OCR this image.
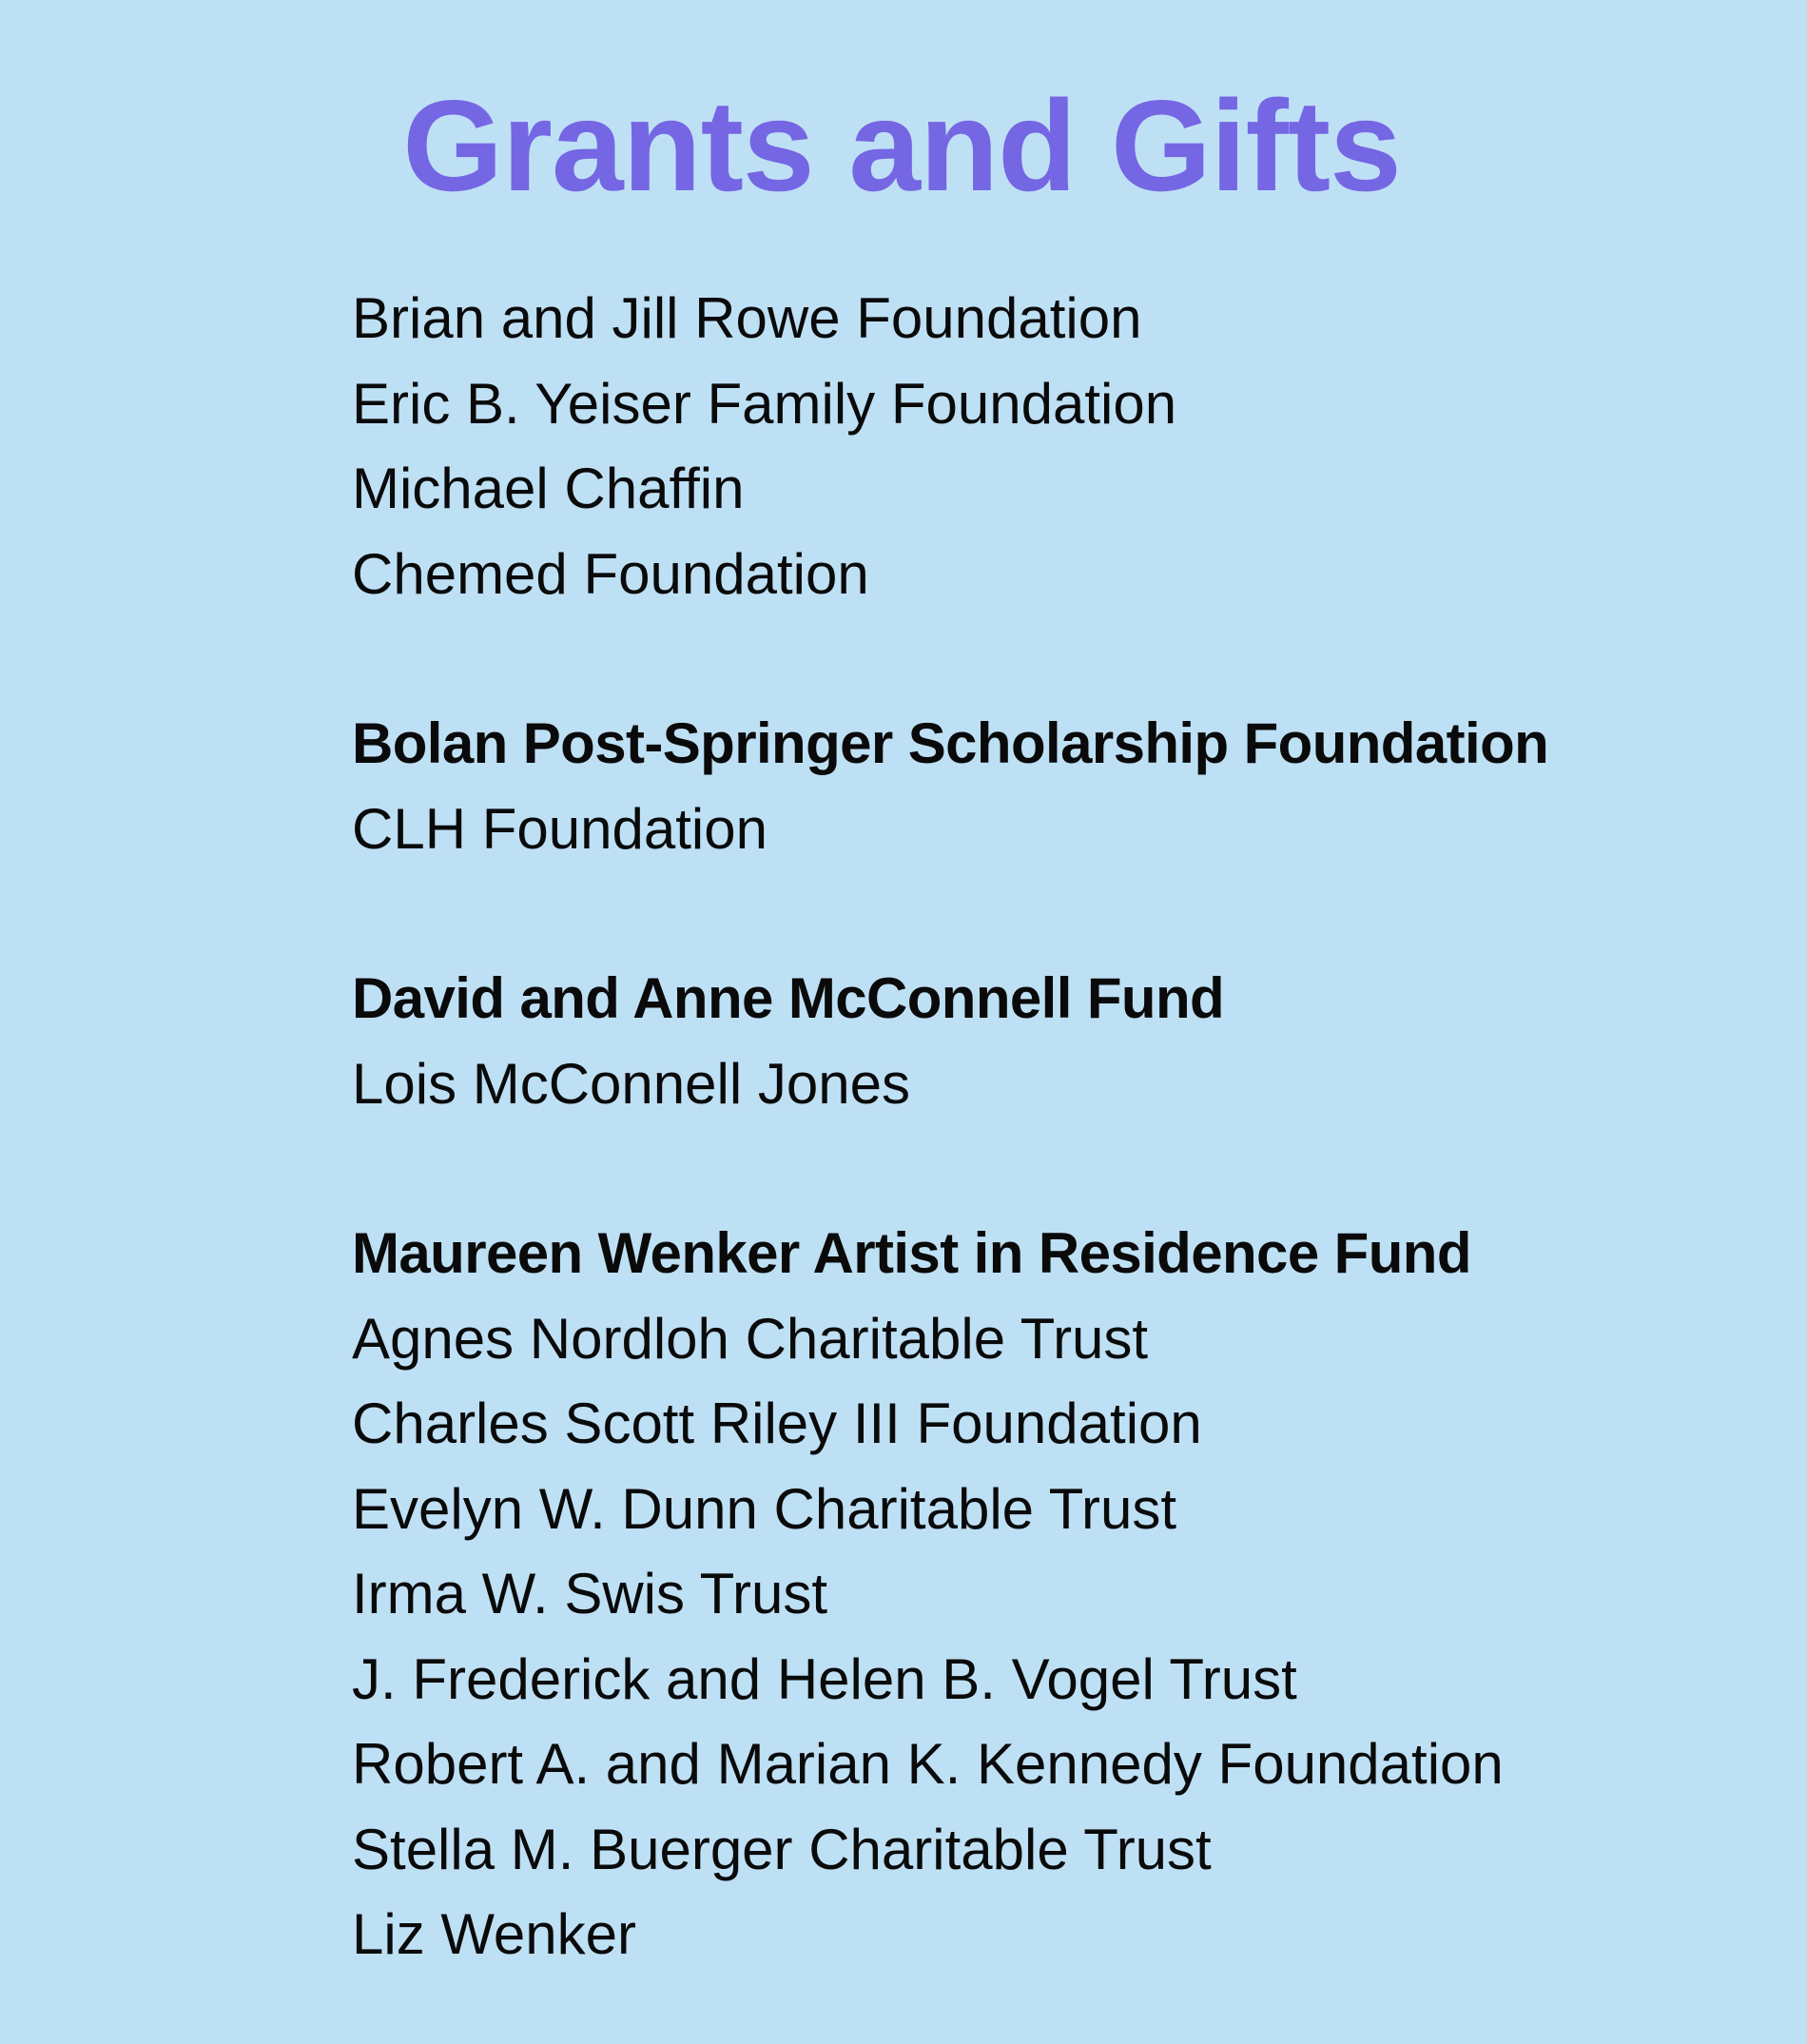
Grants and Gifts
Brian and Jill Rowe Foundation
Eric B. Yeiser Family Foundation
Michael Chaffin
Chemed Foundation
Bolan Post-Springer Scholarship Foundation
CLH Foundation
David and Anne McConnell Fund
Lois McConnell Jones
Maureen Wenker Artist in Residence Fund
Agnes Nordloh Charitable Trust
Charles Scott Riley III Foundation
Evelyn W. Dunn Charitable Trust
Irma W. Swis Trust
J. Frederick and Helen B. Vogel Trust
Robert A. and Marian K. Kennedy Foundation
Stella M. Buerger Charitable Trust
Liz Wenker
